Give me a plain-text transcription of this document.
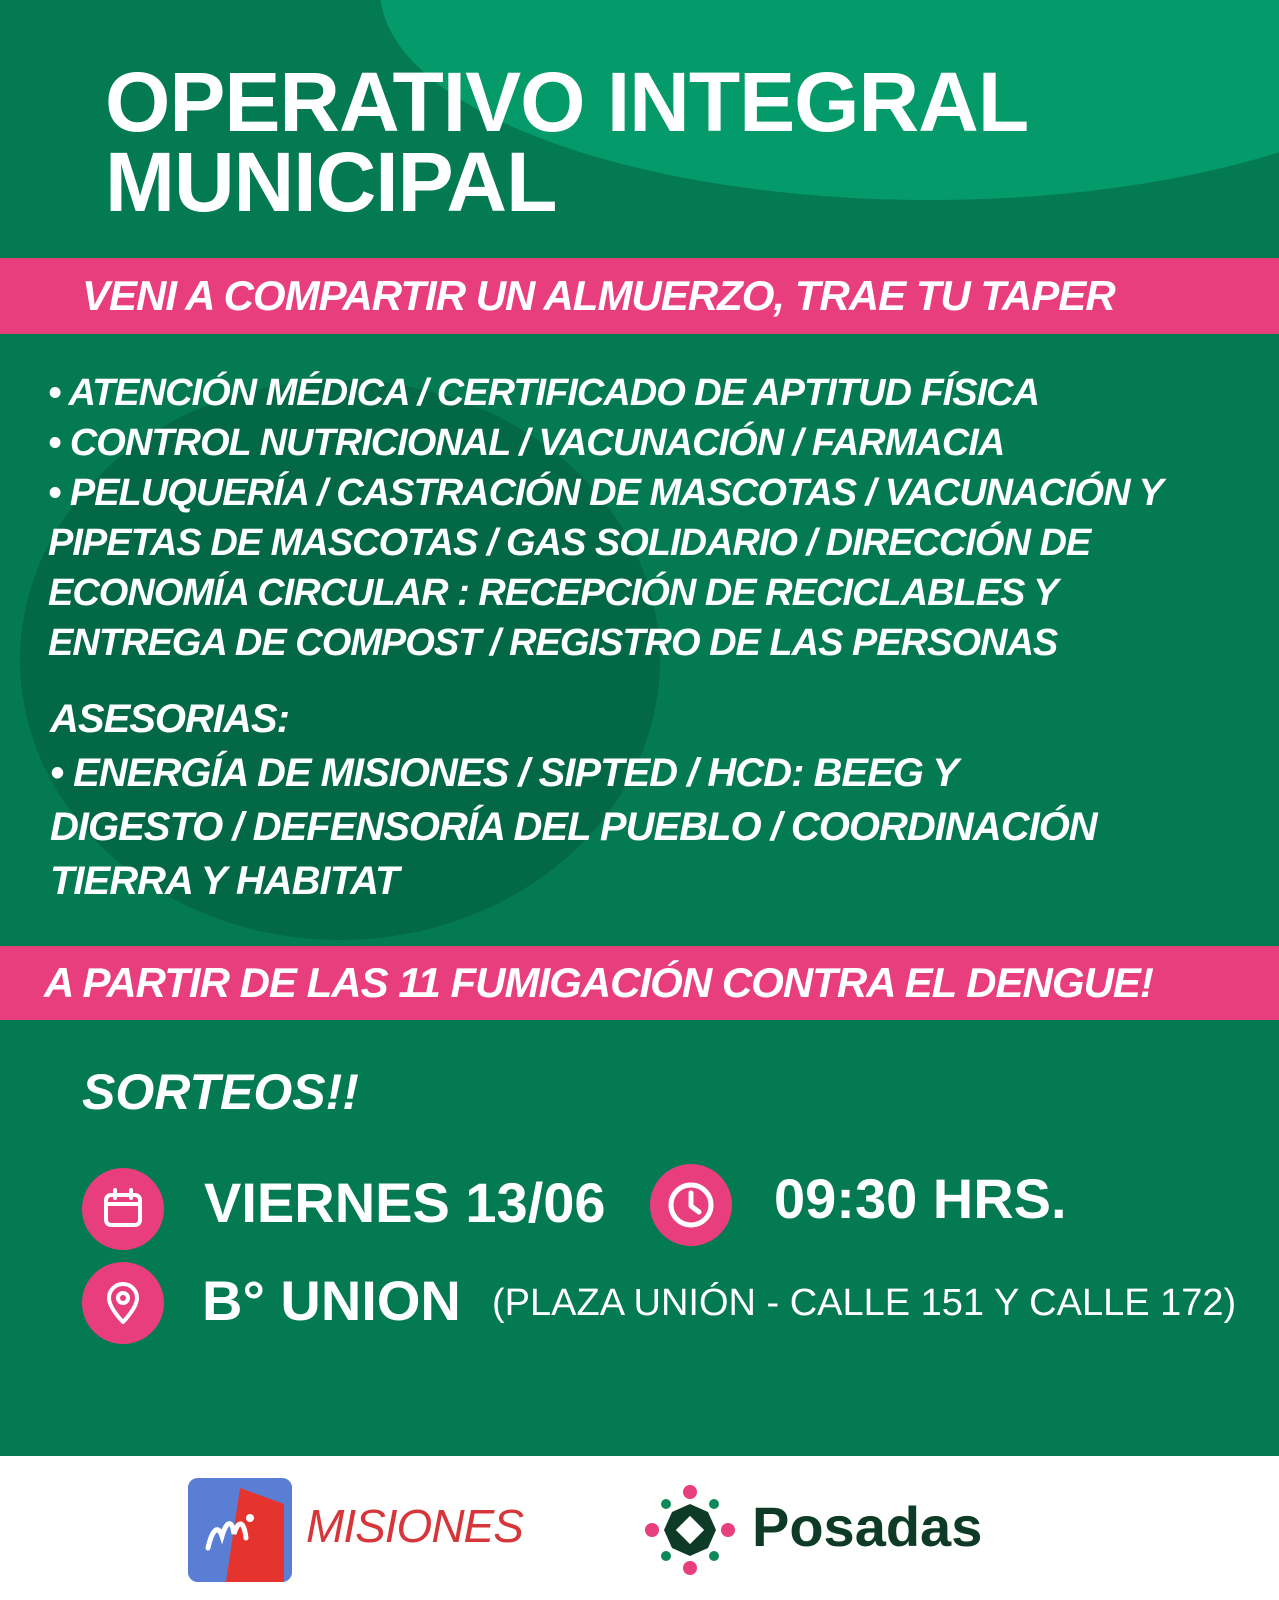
OPERATIVO INTEGRAL
MUNICIPAL
VENI A COMPARTIR UN ALMUERZO, TRAE TU TAPER

• ATENCIÓN MÉDICA / CERTIFICADO DE APTITUD FÍSICA

• CONTROL NUTRICIONAL / VACUNACIÓN / FARMACIA

• PELUQUERÍA / CASTRACIÓN DE MASCOTAS / VACUNACIÓN Y

PIPETAS DE MASCOTAS / GAS SOLIDARIO / DIRECCIÓN DE

ECONOMÍA CIRCULAR : RECEPCIÓN DE RECICLABLES Y

ENTREGA DE COMPOST / REGISTRO DE LAS PERSONAS

ASESORIAS:

• ENERGÍA DE MISIONES / SIPTED / HCD: BEEG Y
DIGESTO / DEFENSORÍA DEL PUEBLO / COORDINACIÓN
TIERRA Y HABITAT
A PARTIR DE LAS 11 FUMIGACIÓN CONTRA EL DENGUE!

SORTEOS!!

VIERNES 13/06	09:30 HRS.
B° UNION (PLAZA UNIÓN - CALLE 151 Y CALLE 172)
MISIONES	Posadas
